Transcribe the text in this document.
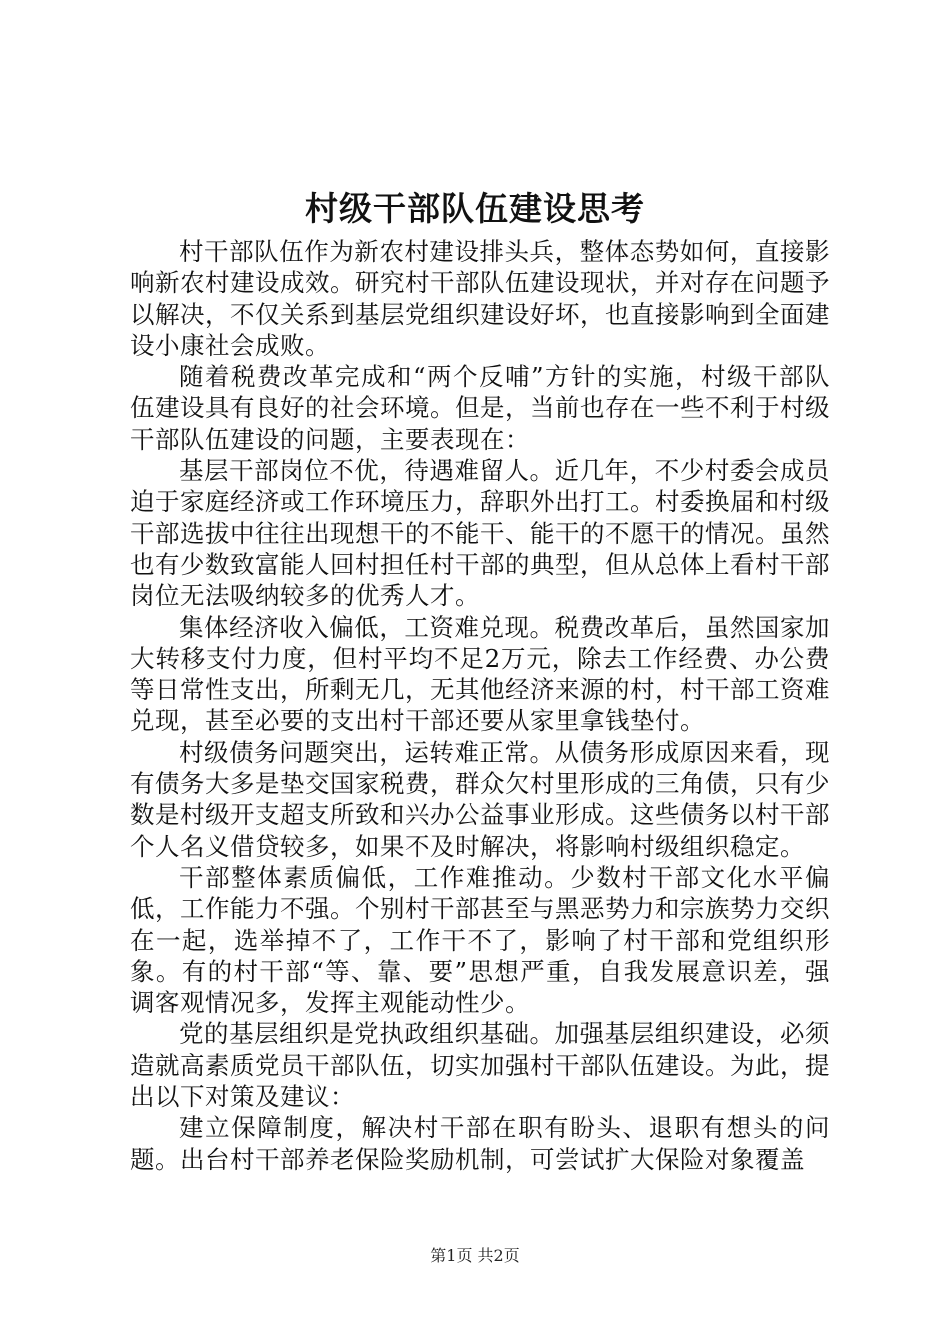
村级干部队伍建设思考

村干部队伍作为新农村建设排头兵，整体态势如何，直接影响新农村建设成效。研究村干部队伍建设现状，并对存在问题予以解决，不仅关系到基层党组织建设好坏，也直接影响到全面建设小康社会成败。

随着税费改革完成和“两个反哺”方针的实施，村级干部队伍建设具有良好的社会环境。但是，当前也存在一些不利于村级干部队伍建设的问题，主要表现在：

基层干部岗位不优，待遇难留人。近几年，不少村委会成员迫于家庭经济或工作环境压力，辞职外出打工。村委换届和村级干部选拔中往往出现想干的不能干、能干的不愿干的情况。虽然也有少数致富能人回村担任村干部的典型，但从总体上看村干部岗位无法吸纳较多的优秀人才。

集体经济收入偏低，工资难兑现。税费改革后，虽然国家加大转移支付力度，但村平均不足2万元，除去工作经费、办公费等日常性支出，所剩无几，无其他经济来源的村，村干部工资难兑现，甚至必要的支出村干部还要从家里拿钱垫付。

村级债务问题突出，运转难正常。从债务形成原因来看，现有债务大多是垫交国家税费，群众欠村里形成的三角债，只有少数是村级开支超支所致和兴办公益事业形成。这些债务以村干部个人名义借贷较多，如果不及时解决，将影响村级组织稳定。

干部整体素质偏低，工作难推动。少数村干部文化水平偏低，工作能力不强。个别村干部甚至与黑恶势力和宗族势力交织在一起，选举掉不了，工作干不了，影响了村干部和党组织形象。有的村干部“等、靠、要”思想严重，自我发展意识差，强调客观情况多，发挥主观能动性少。

党的基层组织是党执政组织基础。加强基层组织建设，必须造就高素质党员干部队伍，切实加强村干部队伍建设。为此，提出以下对策及建议：

建立保障制度，解决村干部在职有盼头、退职有想头的问题。出台村干部养老保险奖励机制，可尝试扩大保险对象覆盖

第1页 共2页
